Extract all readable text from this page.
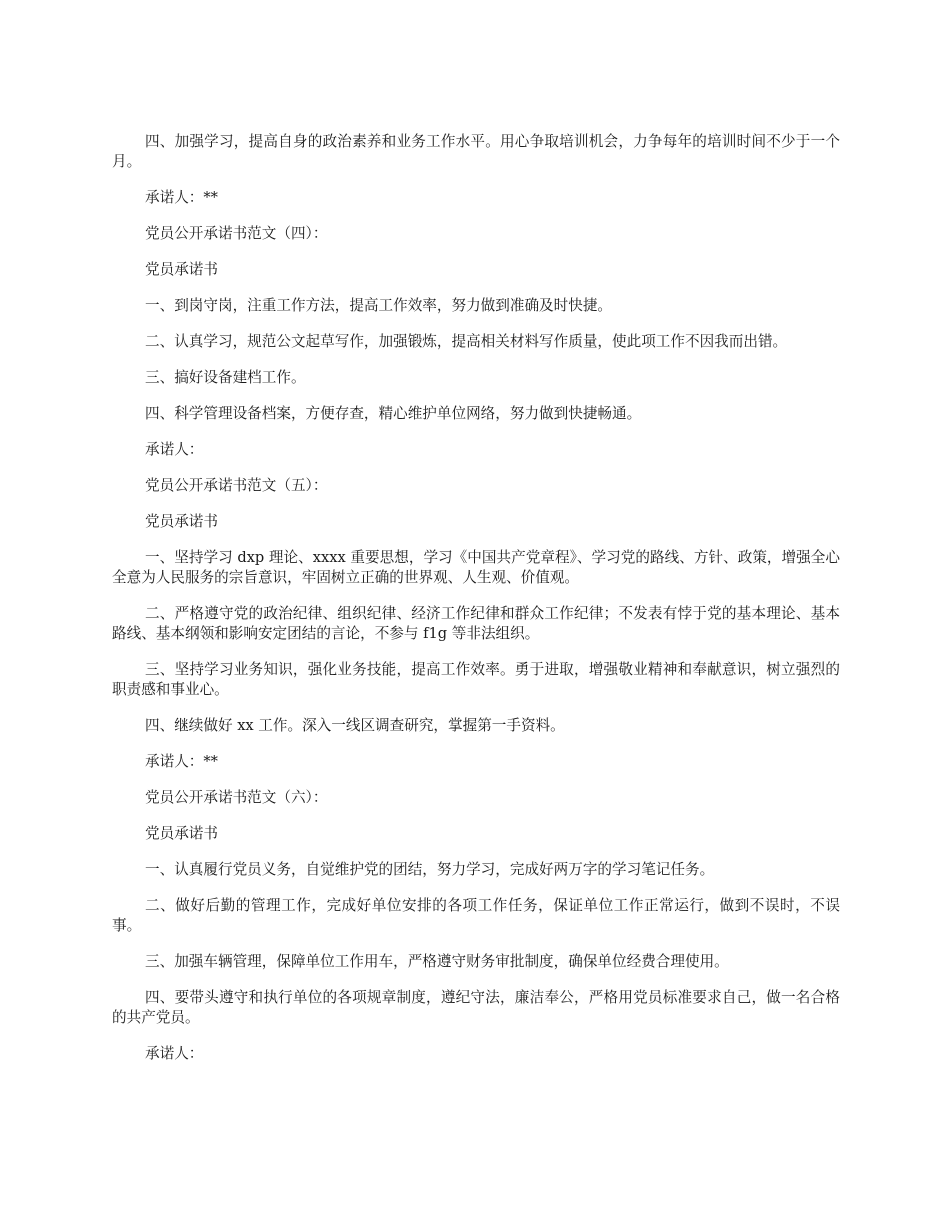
四、加强学习，提高自身的政治素养和业务工作水平。用心争取培训机会，力争每年的培训时间不少于一个月。

承诺人：**

党员公开承诺书范文（四）：

党员承诺书

一、到岗守岗，注重工作方法，提高工作效率，努力做到准确及时快捷。

二、认真学习，规范公文起草写作，加强锻炼，提高相关材料写作质量，使此项工作不因我而出错。

三、搞好设备建档工作。

四、科学管理设备档案，方便存查，精心维护单位网络，努力做到快捷畅通。

承诺人：

党员公开承诺书范文（五）：

党员承诺书

一、坚持学习 dxp 理论、xxxx 重要思想，学习《中国共产党章程》、学习党的路线、方针、政策，增强全心全意为人民服务的宗旨意识，牢固树立正确的世界观、人生观、价值观。

二、严格遵守党的政治纪律、组织纪律、经济工作纪律和群众工作纪律；不发表有悖于党的基本理论、基本路线、基本纲领和影响安定团结的言论，不参与 f1g 等非法组织。

三、坚持学习业务知识，强化业务技能，提高工作效率。勇于进取，增强敬业精神和奉献意识，树立强烈的职责感和事业心。

四、继续做好 xx 工作。深入一线区调查研究，掌握第一手资料。

承诺人：**

党员公开承诺书范文（六）：

党员承诺书

一、认真履行党员义务，自觉维护党的团结，努力学习，完成好两万字的学习笔记任务。

二、做好后勤的管理工作，完成好单位安排的各项工作任务，保证单位工作正常运行，做到不误时，不误事。

三、加强车辆管理，保障单位工作用车，严格遵守财务审批制度，确保单位经费合理使用。

四、要带头遵守和执行单位的各项规章制度，遵纪守法，廉洁奉公，严格用党员标准要求自己，做一名合格的共产党员。

承诺人：
